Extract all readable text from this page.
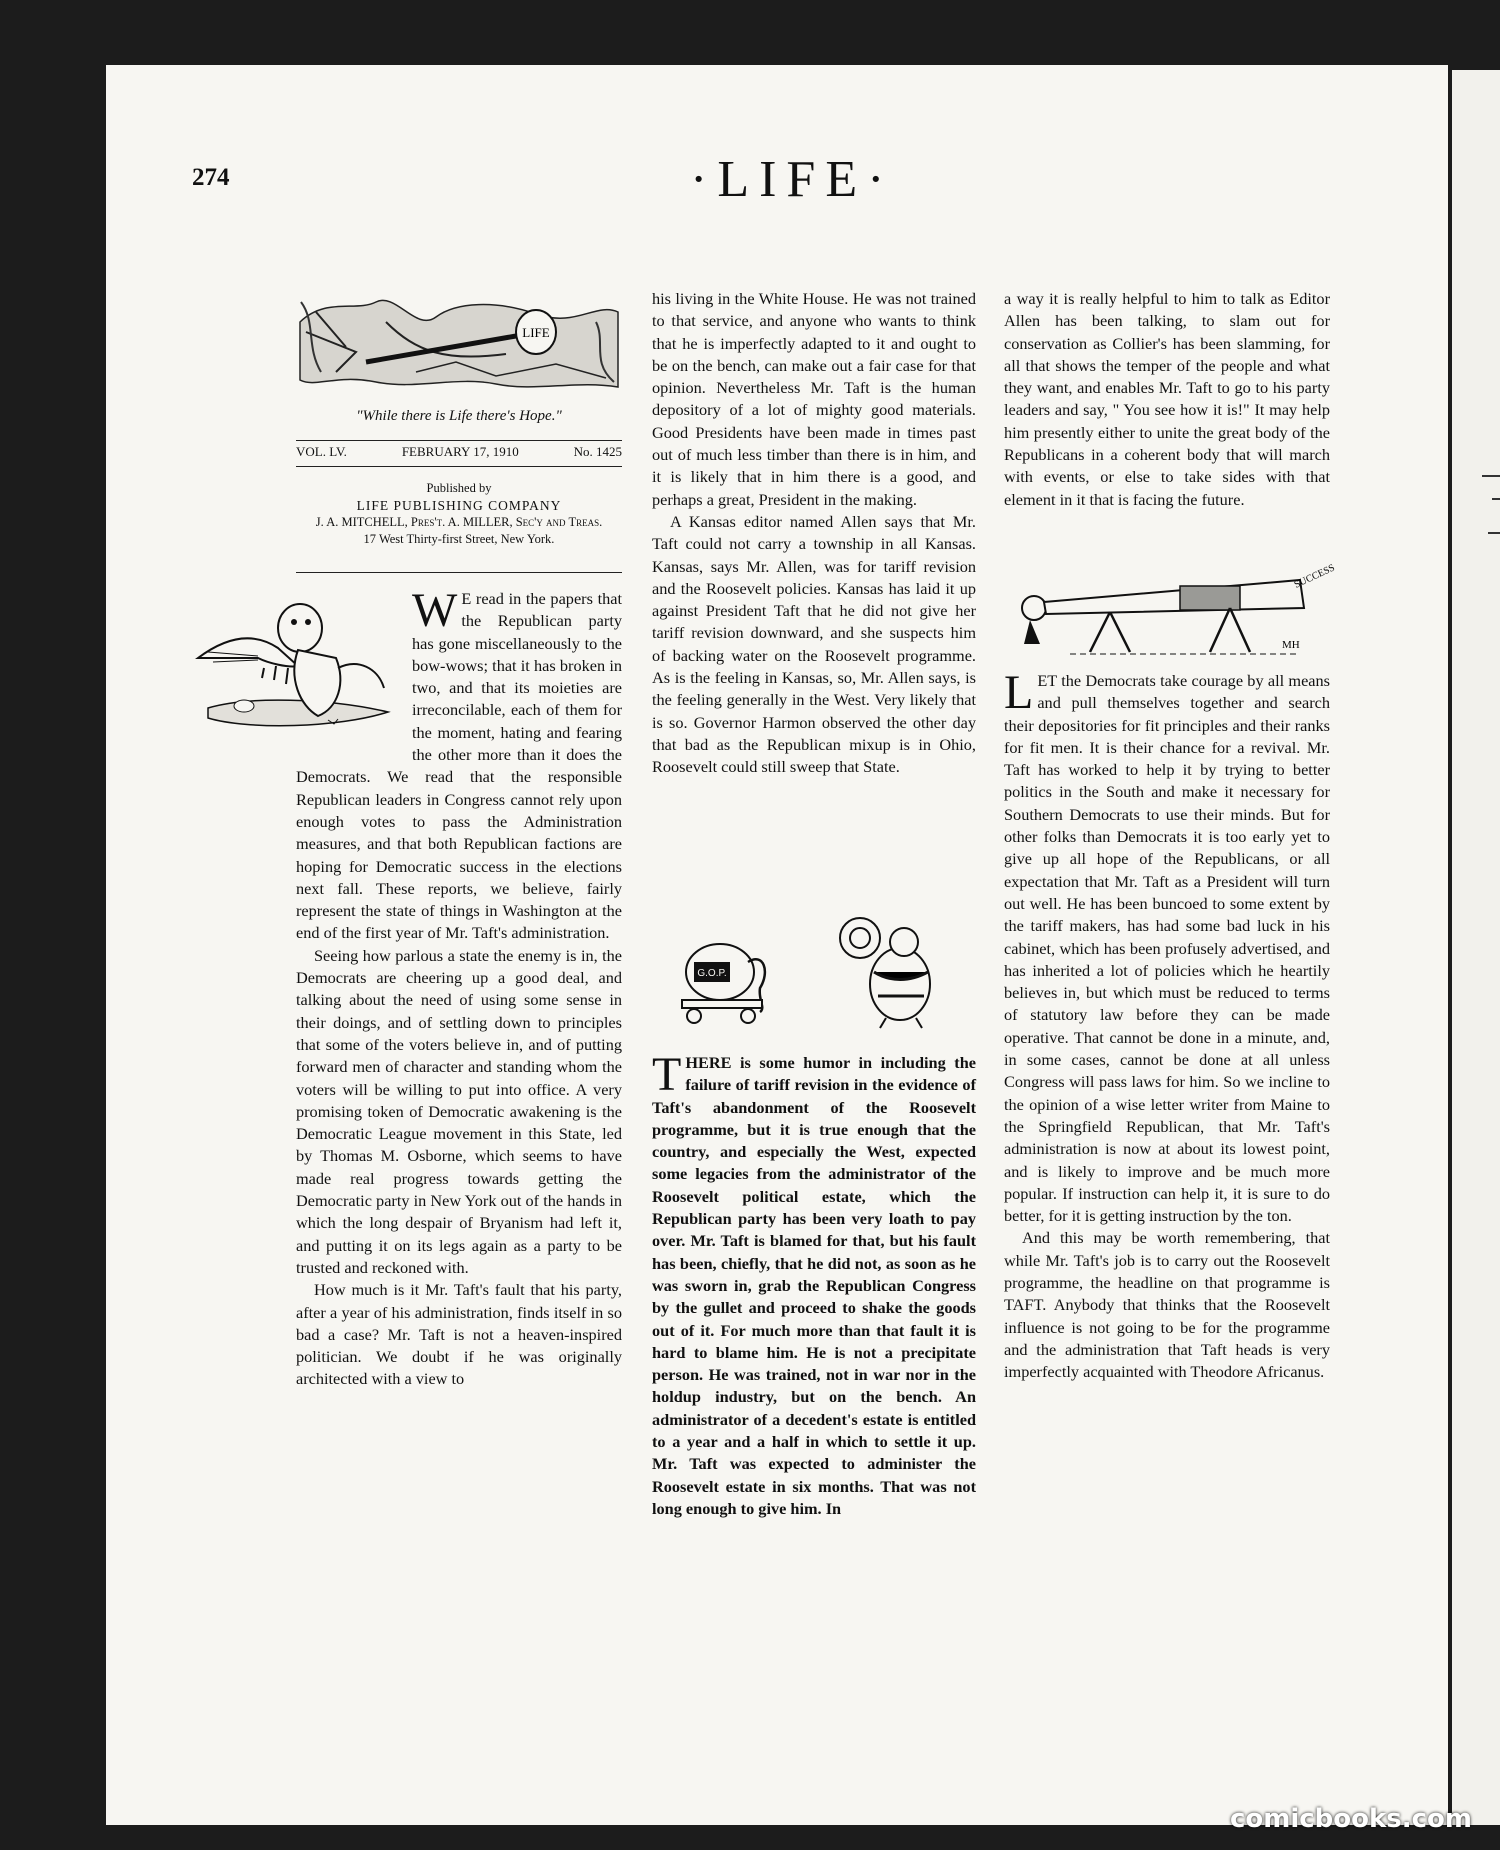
274	·LIFE·
LIFE
"While there is Life there's Hope."
VOL. LV.	FEBRUARY 17, 1910	No. 1425
Published by
LIFE PUBLISHING COMPANY
J. A. MITCHELL, Pres't. A. MILLER, Sec'y and Treas.
17 West Thirty-first Street, New York.

W E read in the papers that the Republican party has gone miscellaneously to the bow-wows; that it has broken in two, and that its moieties are irreconcilable, each of them for the moment, hating and fearing the other more than it does the Democrats. We read that the responsible Republican leaders in Congress cannot rely upon enough votes to pass the Administration measures, and that both Republican factions are hoping for Democratic success in the elections next fall. These reports, we believe, fairly represent the state of things in Washington at the end of the first year of Mr. Taft's administration.

Seeing how parlous a state the enemy is in, the Democrats are cheering up a good deal, and talking about the need of using some sense in their doings, and of settling down to principles that some of the voters believe in, and of putting forward men of character and standing whom the voters will be willing to put into office. A very promising token of Democratic awakening is the Democratic League movement in this State, led by Thomas M. Osborne, which seems to have made real progress towards getting the Democratic party in New York out of the hands in which the long despair of Bryanism had left it, and putting it on its legs again as a party to be trusted and reckoned with.

How much is it Mr. Taft's fault that his party, after a year of his administration, finds itself in so bad a case? Mr. Taft is not a heaven-inspired politician. We doubt if he was originally architected with a view to

his living in the White House. He was not trained to that service, and anyone who wants to think that he is imperfectly adapted to it and ought to be on the bench, can make out a fair case for that opinion. Nevertheless Mr. Taft is the human depository of a lot of mighty good materials. Good Presidents have been made in times past out of much less timber than there is in him, and it is likely that in him there is a good, and perhaps a great, President in the making.

A Kansas editor named Allen says that Mr. Taft could not carry a township in all Kansas. Kansas, says Mr. Allen, was for tariff revision and the Roosevelt policies. Kansas has laid it up against President Taft that he did not give her tariff revision downward, and she suspects him of backing water on the Roosevelt programme. As is the feeling in Kansas, so, Mr. Allen says, is the feeling generally in the West. Very likely that is so. Governor Harmon observed the other day that bad as the Republican mixup is in Ohio, Roosevelt could still sweep that State.

G.O.P.

THERE is some humor in including the failure of tariff revision in the evidence of Taft's abandonment of the Roosevelt programme, but it is true enough that the country, and especially the West, expected some legacies from the administrator of the Roosevelt political estate, which the Republican party has been very loath to pay over. Mr. Taft is blamed for that, but his fault has been, chiefly, that he did not, as soon as he was sworn in, grab the Republican Congress by the gullet and proceed to shake the goods out of it. For much more than that fault it is hard to blame him. He is not a precipitate person. He was trained, not in war nor in the holdup industry, but on the bench. An administrator of a decedent's estate is entitled to a year and a half in which to settle it up. Mr. Taft was expected to administer the Roosevelt estate in six months. That was not long enough to give him. In

a way it is really helpful to him to talk as Editor Allen has been talking, to slam out for conservation as Collier's has been slamming, for all that shows the temper of the people and what they want, and enables Mr. Taft to go to his party leaders and say, " You see how it is!" It may help him presently either to unite the great body of the Republicans in a coherent body that will march with events, or else to take sides with that element in it that is facing the future.

SUCCESS
MH

LET the Democrats take courage by all means and pull themselves together and search their depositories for fit principles and their ranks for fit men. It is their chance for a revival. Mr. Taft has worked to help it by trying to better politics in the South and make it necessary for Southern Democrats to use their minds. But for other folks than Democrats it is too early yet to give up all hope of the Republicans, or all expectation that Mr. Taft as a President will turn out well. He has been buncoed to some extent by the tariff makers, has had some bad luck in his cabinet, which has been profusely advertised, and has inherited a lot of policies which he heartily believes in, but which must be reduced to terms of statutory law before they can be made operative. That cannot be done in a minute, and, in some cases, cannot be done at all unless Congress will pass laws for him. So we incline to the opinion of a wise letter writer from Maine to the Springfield Republican, that Mr. Taft's administration is now at about its lowest point, and is likely to improve and be much more popular. If instruction can help it, it is sure to do better, for it is getting instruction by the ton.

And this may be worth remembering, that while Mr. Taft's job is to carry out the Roosevelt programme, the headline on that programme is TAFT. Anybody that thinks that the Roosevelt influence is not going to be for the programme and the administration that Taft heads is very imperfectly acquainted with Theodore Africanus.

comicbooks.com
